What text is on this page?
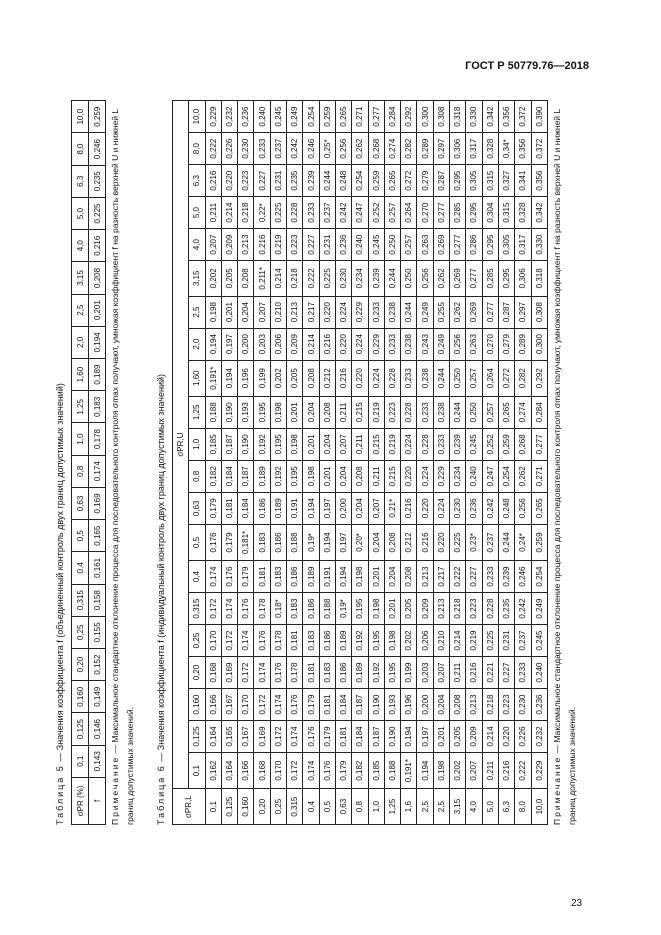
ГОСТ Р 50779.76—2018
Таблица 5 — Значения коэффициента f (объединенный контроль двух границ допустимых значений)
σPR (%)	0,1	0,125	0,160	0,20	0,25	0,315	0,4	0,5	0,63	0,8	1,0	1,25	1,60	2,0	2,5	3,15	4,0	5,0	6,3	8,0	10,0
f	0,143	0,146	0,149	0,152	0,155	0,158	0,161	0,165	0,169	0,174	0,178	0,183	0,189	0,194	0,201	0,208	0,216	0,225	0,235	0,246	0,259
Примечание — Максимальное стандартное отклонение процесса для последовательного контроля σmax получают, умножая коэффициент f на разность верхней U и нижней L границ допустимых значений.	Таблица 6 — Значения коэффициента f (индивидуальный контроль двух границ допустимых значений)
σPR,L	σPR,U																				
	0,1	0,125	0,160	0,20	0,25	0,315	0,4	0,5	0,63	0,8	1,0	1,25	1,60	2,0	2,5	3,15	4,0	5,0	6,3	8,0	10,0
0,1	0,162	0,164	0,166	0,168	0,170	0,172	0,174	0,176	0,179	0,182	0,185	0,188	0,191*	0,194	0,198	0,202	0,207	0,211	0,216	0,222	0,229
0,125	0,164	0,165	0,167	0,169	0,172	0,174	0,176	0,179	0,181	0,184	0,187	0,190	0,194	0,197	0,201	0,205	0,209	0,214	0,220	0,226	0,232
0,160	0,166	0,167	0,170	0,172	0,174	0,176	0,179	0,181*	0,184	0,187	0,190	0,193	0,196	0,200	0,204	0,208	0,213	0,218	0,223	0,230	0,236
0,20	0,168	0,169	0,172	0,174	0,176	0,178	0,181	0,183	0,186	0,189	0,192	0,195	0,199	0,203	0,207	0,211*	0,216	0,22*	0,227	0,233	0,240
0,25	0,170	0,172	0,174	0,176	0,178	0,18*	0,183	0,186	0,189	0,192	0,195	0,198	0,202	0,206	0,210	0,214	0,219	0,225	0,231	0,237	0,245
0,315	0,172	0,174	0,176	0,178	0,181	0,183	0,186	0,188	0,191	0,195	0,198	0,201	0,205	0,209	0,213	0,218	0,223	0,228	0,235	0,242	0,249
0,4	0,174	0,176	0,179	0,181	0,183	0,186	0,189	0,19*	0,194	0,198	0,201	0,204	0,208	0,214	0,217	0,222	0,227	0,233	0,239	0,246	0,254
0,5	0,176	0,179	0,181	0,183	0,186	0,188	0,191	0,194	0,197	0,201	0,204	0,208	0,212	0,216	0,220	0,225	0,231	0,237	0,244	0,25*	0,259
0,63	0,179	0,181	0,184	0,186	0,189	0,19*	0,194	0,197	0,200	0,204	0,207	0,211	0,216	0,220	0,224	0,230	0,236	0,242	0,248	0,256	0,265
0,8	0,182	0,184	0,187	0,189	0,192	0,195	0,198	0,20*	0,204	0,208	0,211	0,215	0,220	0,224	0,229	0,234	0,240	0,247	0,254	0,262	0,271
1,0	0,185	0,187	0,190	0,192	0,195	0,198	0,201	0,204	0,207	0,211	0,215	0,219	0,224	0,229	0,233	0,239	0,245	0,252	0,259	0,268	0,277
1,25	0,188	0,190	0,193	0,195	0,198	0,201	0,204	0,208	0,21*	0,215	0,219	0,223	0,228	0,233	0,238	0,244	0,250	0,257	0,265	0,274	0,284
1,6	0,191*	0,194	0,196	0,199	0,202	0,205	0,208	0,212	0,216	0,220	0,224	0,228	0,233	0,238	0,244	0,250	0,257	0,264	0,272	0,282	0,292
2,5	0,194	0,197	0,200	0,203	0,206	0,209	0,213	0,216	0,220	0,224	0,228	0,233	0,238	0,243	0,249	0,256	0,263	0,270	0,279	0,289	0,300
2,5	0,198	0,201	0,204	0,207	0,210	0,213	0,217	0,220	0,224	0,229	0,233	0,238	0,244	0,249	0,255	0,262	0,269	0,277	0,287	0,297	0,308
3,15	0,202	0,205	0,208	0,211	0,214	0,218	0,222	0,225	0,230	0,234	0,239	0,244	0,250	0,256	0,262	0,269	0,277	0,285	0,295	0,306	0,318
4,0	0,207	0,209	0,213	0,216	0,219	0,223	0,227	0,23*	0,236	0,240	0,245	0,250	0,257	0,263	0,269	0,277	0,286	0,295	0,305	0,317	0,330
5,0	0,211	0,214	0,218	0,221	0,225	0,228	0,233	0,237	0,242	0,247	0,252	0,257	0,264	0,270	0,277	0,285	0,295	0,304	0,315	0,328	0,342
6,3	0,216	0,220	0,223	0,227	0,231	0,235	0,239	0,244	0,248	0,254	0,259	0,265	0,272	0,279	0,287	0,295	0,305	0,315	0,327	0,34*	0,356
8,0	0,222	0,226	0,230	0,233	0,237	0,242	0,246	0,24*	0,256	0,262	0,268	0,274	0,282	0,289	0,297	0,306	0,317	0,328	0,341	0,356	0,372
10,0	0,229	0,232	0,236	0,240	0,245	0,249	0,254	0,259	0,265	0,271	0,277	0,284	0,292	0,300	0,308	0,318	0,330	0,342	0,356	0,372	0,390
Примечание — Максимальное стандартное отклонение процесса для последовательного контроля σmax получают, умножая коэффициент f на разность верхней U и нижней L границ допустимых значений.
23
